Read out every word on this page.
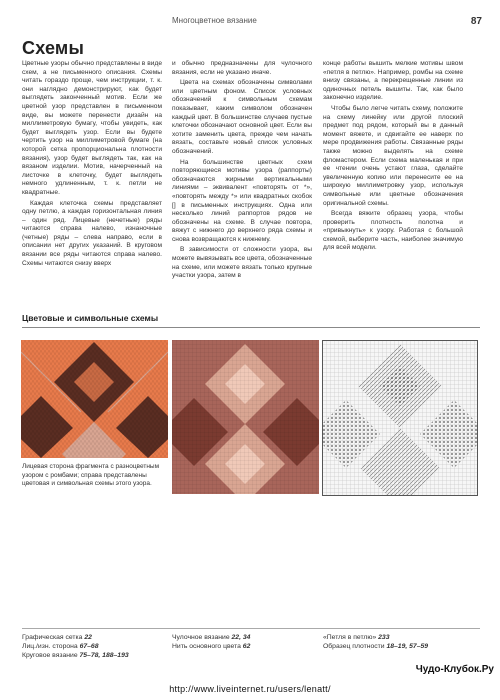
Многоцветное вязание	87
Схемы

Цветные узоры обычно представлены в виде схем, а не письменного описания. Схемы читать гораздо проще, чем инструкции, т. к. они наглядно демонстрируют, как будет выглядеть законченный мотив. Если же цветной узор представлен в письменном виде, вы можете перенести дизайн на миллиметровую бумагу, чтобы увидеть, как будет выглядеть узор. Если вы будете чертить узор на миллиметровой бумаге (на которой сетка пропорциональна плотности вязания), узор будет выглядеть так, как на вязаном изделии. Мотив, начерченный на листочке в клеточку, будет выглядеть немного удлиненным, т. к. петли не квадратные.

Каждая клеточка схемы представляет одну петлю, а каждая горизонтальная линия – один ряд. Лицевые (нечетные) ряды читаются справа налево, изнаночные (четные) ряды – слева направо, если в описании нет других указаний. В круговом вязании все ряды читаются справа налево. Схемы читаются снизу вверх

и обычно предназначены для чулочного вязания, если не указано иначе.

Цвета на схемах обозначены символами или цветным фоном. Список условных обозначений к символьным схемам показывает, каким символом обозначен каждый цвет. В большинстве случаев пустые клеточки обозначают основной цвет. Если вы хотите заменить цвета, прежде чем начать вязать, составьте новый список условных обозначений.

На большинстве цветных схем повторяющиеся мотивы узора (раппорты) обозначаются жирными вертикальными линиями – эквивалент «повторять от *», «повторять между *» или квадратных скобок [] в письменных инструкциях. Одна или несколько линий раппортов рядов не обозначены на схеме. В случае повтора, вяжут с нижнего до верхнего ряда схемы и снова возвращаются к нижнему.

В зависимости от сложности узора, вы можете вывязывать все цвета, обозначенные на схеме, или можете вязать только крупные участки узора, затем в

конце работы вышить мелкие мотивы швом «петля в петлю». Например, ромбы на схеме внизу связаны, а перекрещенные линии из одиночных петель вышиты. Так, как было законечно изделие.

Чтобы было легче читать схему, положите на схему линейку или другой плоский предмет под рядом, который вы в данный момент вяжете, и сдвигайте ее наверх по мере продвижения работы. Связанные ряды также можно выделять на схеме фломастером. Если схема маленькая и при ее чтении очень устают глаза, сделайте увеличенную копию или перенесите ее на широкую миллиметровку узор, используя символьные или цветные обозначения оригинальной схемы.

Всегда вяжите образец узора, чтобы проверить плотность полотна и «привыкнуть» к узору. Работая с большой схемой, выберите часть, наиболее значимую для всей модели.

Цветовые и символьные схемы
Лицевая сторона фрагмента с разноцветным узором с ромбами; справа представлены цветовая и символьная схемы этого узора.
Графическая сетка 22
Лиц./изн. сторона 67–68
Круговое вязание 75–78, 188–193
Чулочное вязание 22, 34
Нить основного цвета 62
«Петля в петлю» 233
Образец плотности 18–19, 57–59
Чудо-Клубок.Ру
http://www.liveinternet.ru/users/lenatt/
